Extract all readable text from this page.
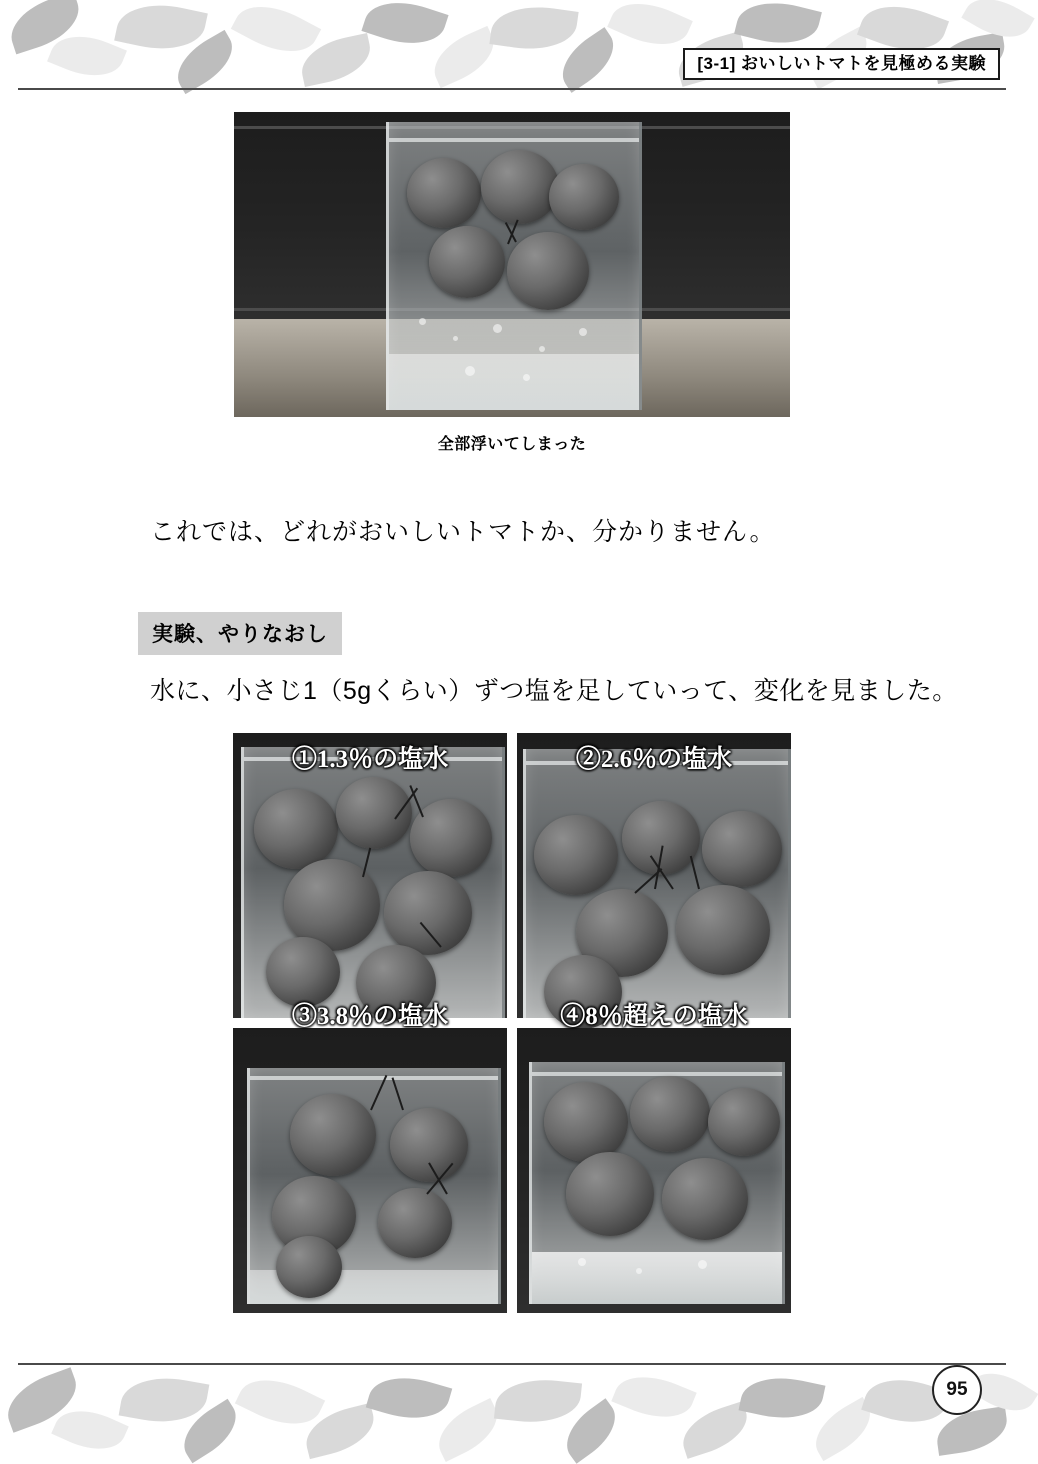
[3-1] おいしいトマトを見極める実験
全部浮いてしまった
これでは、どれがおいしいトマトか、分かりません。
実験、やりなおし
水に、小さじ1（5gくらい）ずつ塩を足していって、変化を見ました。
①1.3％の塩水	②2.6％の塩水
③3.8％の塩水	④8％超えの塩水
95
